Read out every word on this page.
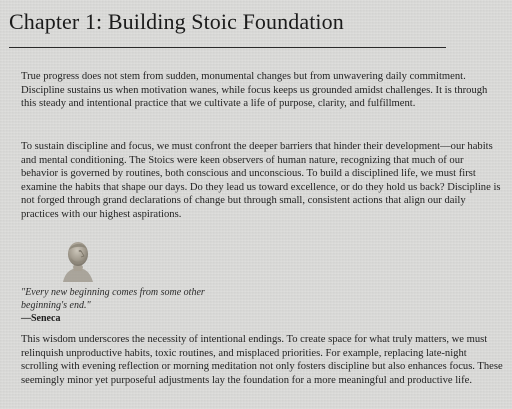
Chapter 1: Building Stoic Foundation

True progress does not stem from sudden, monumental changes but from unwavering daily commitment. Discipline sustains us when motivation wanes, while focus keeps us grounded amidst challenges. It is through this steady and intentional practice that we cultivate a life of purpose, clarity, and fulfillment.

To sustain discipline and focus, we must confront the deeper barriers that hinder their development—our habits and mental conditioning. The Stoics were keen observers of human nature, recognizing that much of our behavior is governed by routines, both conscious and unconscious. To build a disciplined life, we must first examine the habits that shape our days. Do they lead us toward excellence, or do they hold us back? Discipline is not forged through grand declarations of change but through small, consistent actions that align our daily practices with our highest aspirations.

"Every new beginning comes from some other beginning's end."

—Seneca

This wisdom underscores the necessity of intentional endings. To create space for what truly matters, we must relinquish unproductive habits, toxic routines, and misplaced priorities. For example, replacing late-night scrolling with evening reflection or morning meditation not only fosters discipline but also enhances focus. These seemingly minor yet purposeful adjustments lay the foundation for a more meaningful and productive life.
